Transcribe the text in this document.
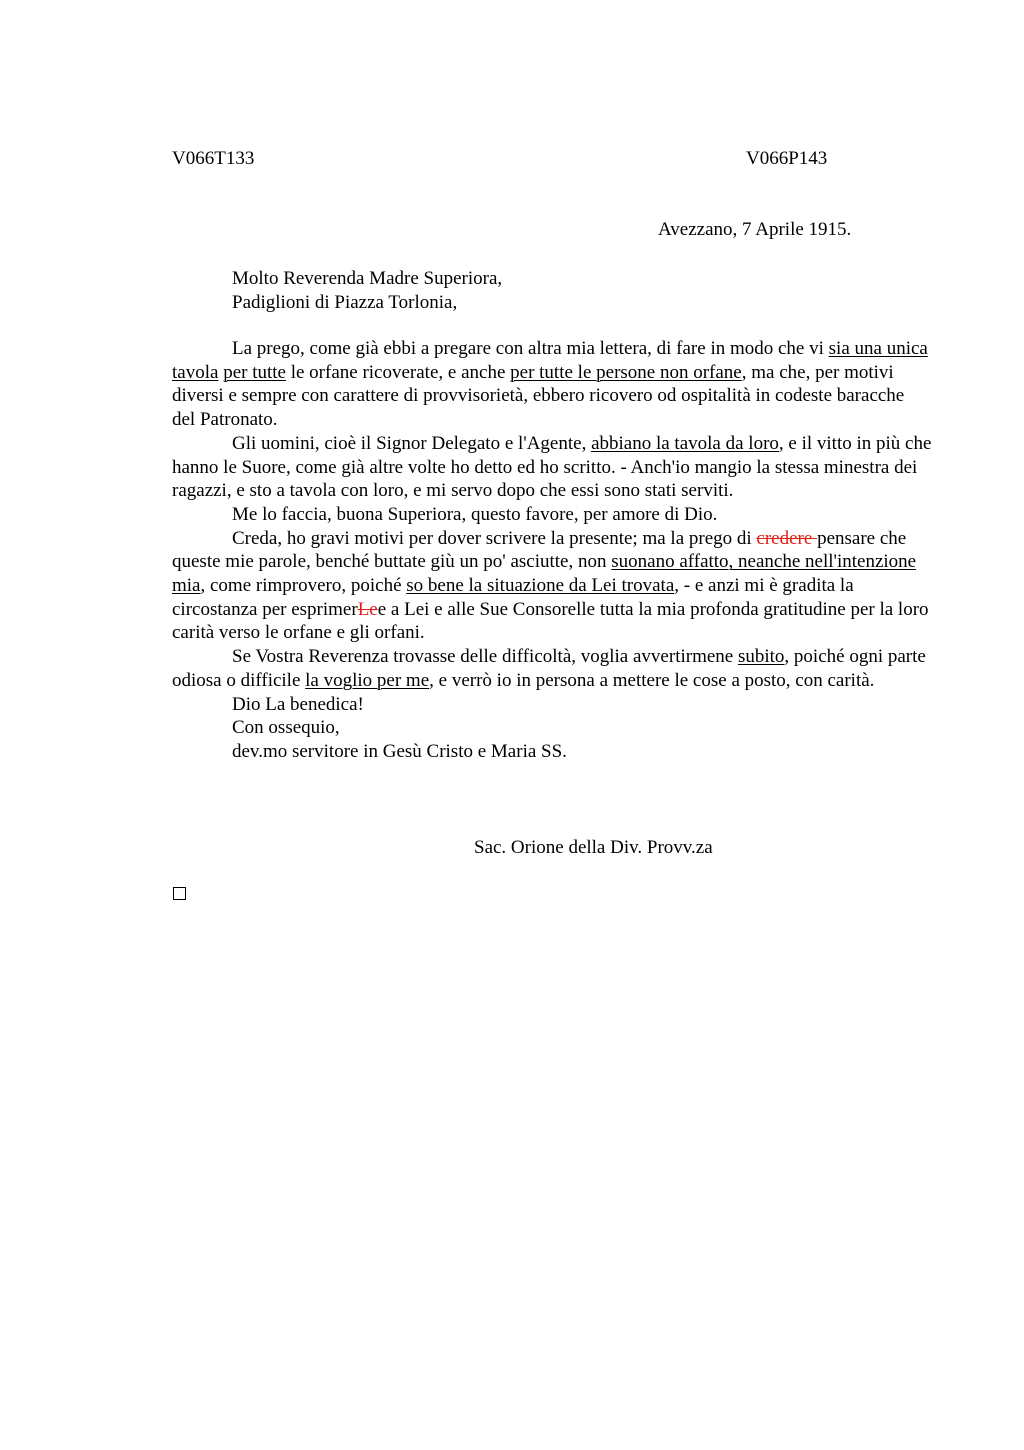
V066T133	V066P143
Avezzano, 7 Aprile 1915.
Molto Reverenda Madre Superiora,
Padiglioni di Piazza Torlonia,

La prego, come già ebbi a pregare con altra mia lettera, di fare in modo che vi sia una unica tavola per tutte le orfane ricoverate, e anche per tutte le persone non orfane, ma che, per motivi diversi e sempre con carattere di provvisorietà, ebbero ricovero od ospitalità in codeste baracche del Patronato.

Gli uomini, cioè il Signor Delegato e l'Agente, abbiano la tavola da loro, e il vitto in più che hanno le Suore, come già altre volte ho detto ed ho scritto. - Anch'io mangio la stessa minestra dei ragazzi, e sto a tavola con loro, e mi servo dopo che essi sono stati serviti.

Me lo faccia, buona Superiora, questo favore, per amore di Dio.

Creda, ho gravi motivi per dover scrivere la presente; ma la prego di credere pensare che queste mie parole, benché buttate giù un po' asciutte, non suonano affatto, neanche nell'intenzione mia, come rimprovero, poiché so bene la situazione da Lei trovata, - e anzi mi è gradita la circostanza per esprimerLee a Lei e alle Sue Consorelle tutta la mia profonda gratitudine per la loro carità verso le orfane e gli orfani.

Se Vostra Reverenza trovasse delle difficoltà, voglia avvertirmene subito, poiché ogni parte odiosa o difficile la voglio per me, e verrò io in persona a mettere le cose a posto, con carità.

Dio La benedica!

Con ossequio,

dev.mo servitore in Gesù Cristo e Maria SS.

Sac. Orione della Div. Provv.za
